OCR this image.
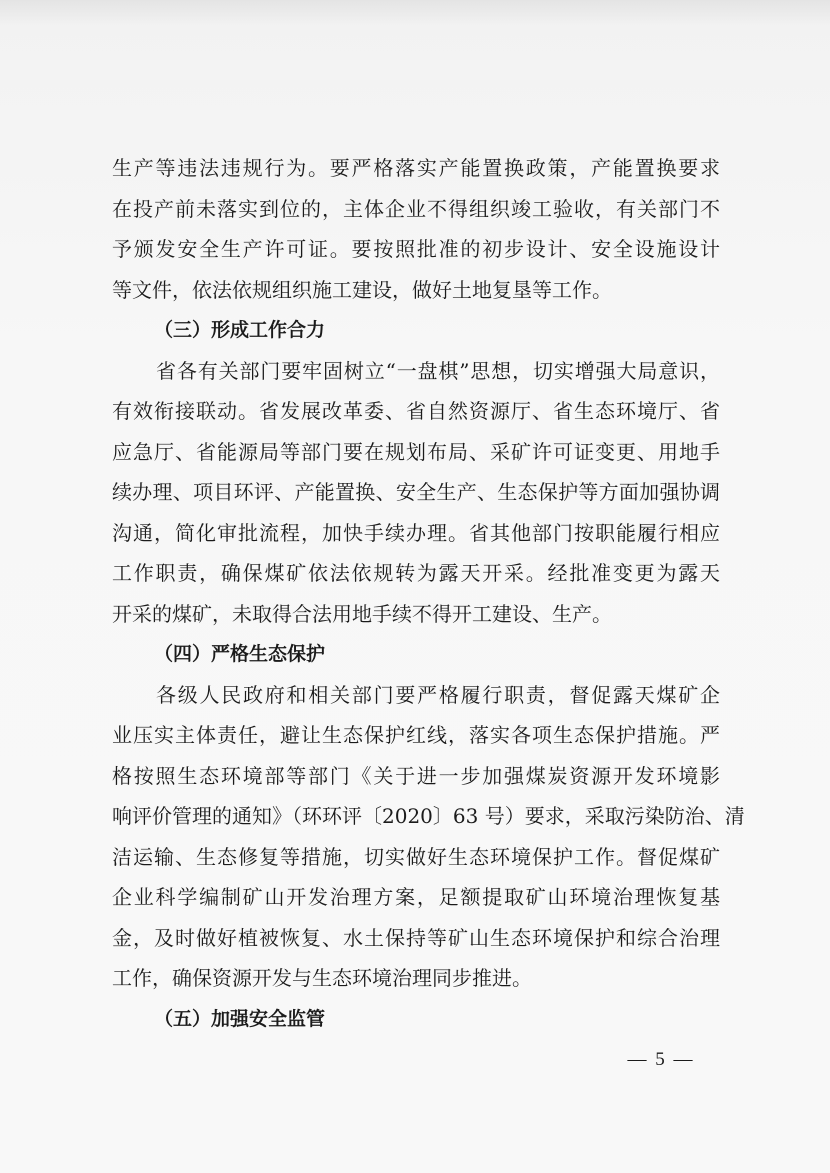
生产等违法违规行为。要严格落实产能置换政策，产能置换要求
在投产前未落实到位的，主体企业不得组织竣工验收，有关部门不
予颁发安全生产许可证。要按照批准的初步设计、安全设施设计
等文件，依法依规组织施工建设，做好土地复垦等工作。
（三）形成工作合力
省各有关部门要牢固树立“一盘棋”思想，切实增强大局意识，
有效衔接联动。省发展改革委、省自然资源厅、省生态环境厅、省
应急厅、省能源局等部门要在规划布局、采矿许可证变更、用地手
续办理、项目环评、产能置换、安全生产、生态保护等方面加强协调
沟通，简化审批流程，加快手续办理。省其他部门按职能履行相应
工作职责，确保煤矿依法依规转为露天开采。经批准变更为露天
开采的煤矿，未取得合法用地手续不得开工建设、生产。
（四）严格生态保护
各级人民政府和相关部门要严格履行职责，督促露天煤矿企
业压实主体责任，避让生态保护红线，落实各项生态保护措施。严
格按照生态环境部等部门《关于进一步加强煤炭资源开发环境影
响评价管理的通知》（环环评〔2020〕63 号）要求，采取污染防治、清
洁运输、生态修复等措施，切实做好生态环境保护工作。督促煤矿
企业科学编制矿山开发治理方案，足额提取矿山环境治理恢复基
金，及时做好植被恢复、水土保持等矿山生态环境保护和综合治理
工作，确保资源开发与生态环境治理同步推进。
（五）加强安全监管
— 5 —
